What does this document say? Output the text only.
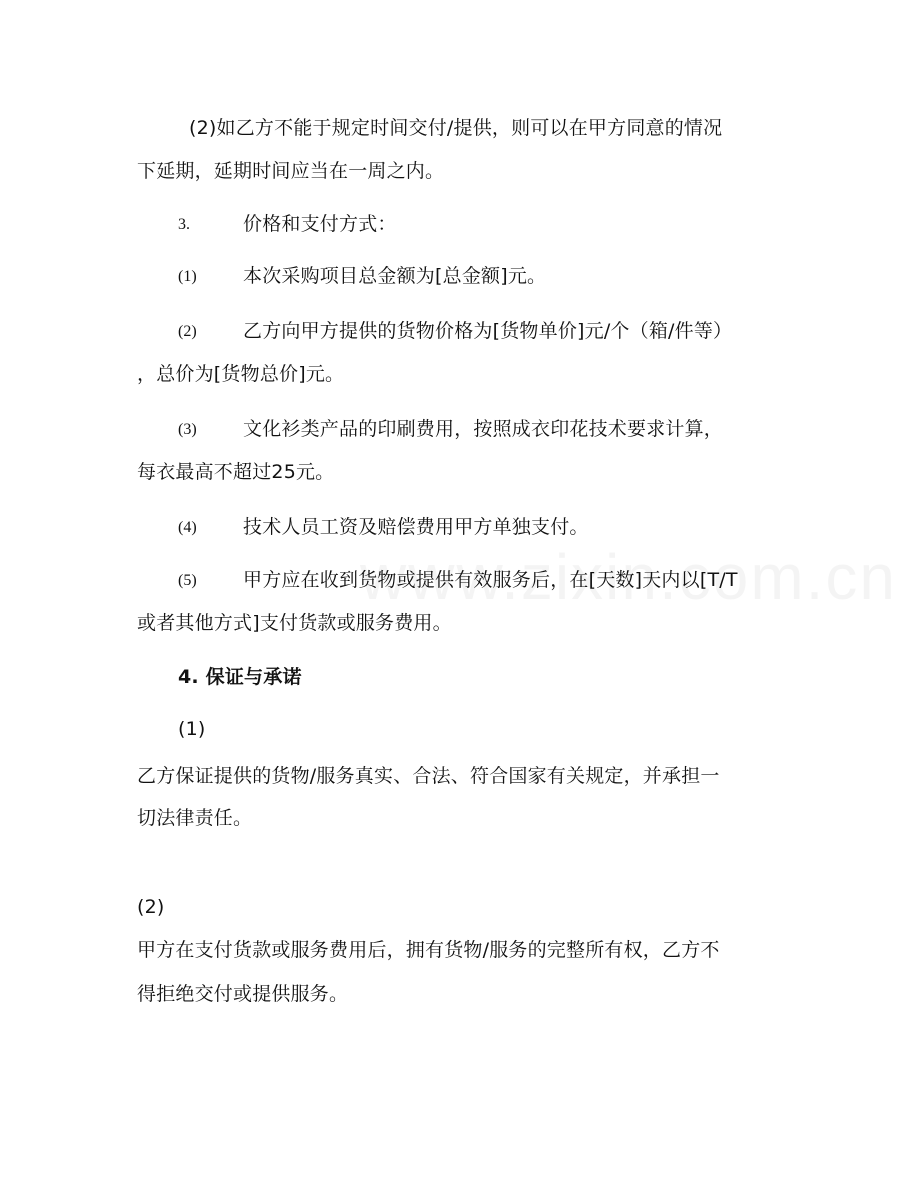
(2)如乙方不能于规定时间交付/提供，则可以在甲方同意的情况
下延期，延期时间应当在一周之内。
3.	价格和支付方式：
(1) 本次采购项目总金额为[总金额]元。
(2) 乙方向甲方提供的货物价格为[货物单价]元/个（箱/件等）
，总价为[货物总价]元。
(3) 文化衫类产品的印刷费用，按照成衣印花技术要求计算，
每衣最高不超过25元。
(4) 技术人员工资及赔偿费用甲方单独支付。
(5) 甲方应在收到货物或提供有效服务后，在[天数]天内以[T/T
或者其他方式]支付货款或服务费用。
4. 保证与承诺
(1)
乙方保证提供的货物/服务真实、合法、符合国家有关规定，并承担一
切法律责任。
(2)
甲方在支付货款或服务费用后，拥有货物/服务的完整所有权，乙方不
得拒绝交付或提供服务。
